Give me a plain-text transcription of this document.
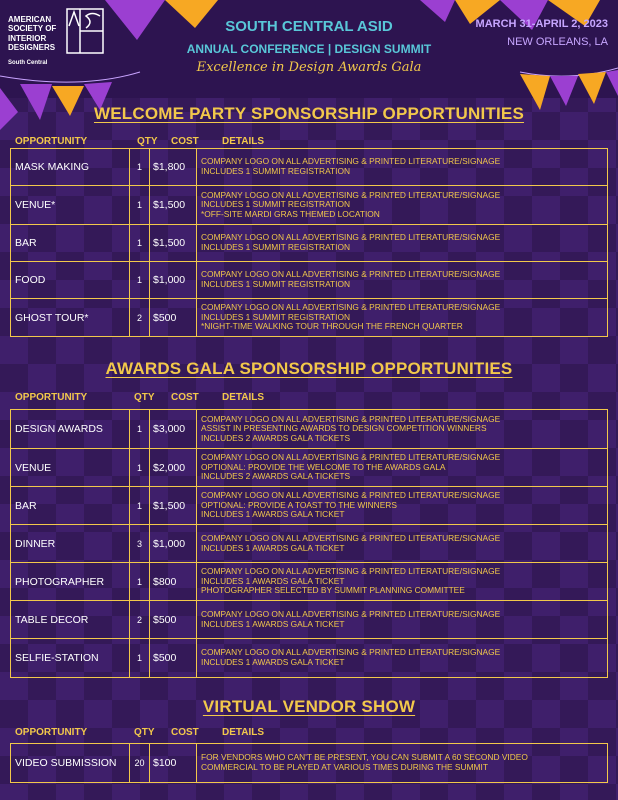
AMERICAN
SOCIETY OF
INTERIOR
DESIGNERS
South Central
SOUTH CENTRAL ASID
ANNUAL CONFERENCE | DESIGN SUMMIT
Excellence in Design Awards Gala
MARCH 31-APRIL 2, 2023
NEW ORLEANS, LA
WELCOME PARTY SPONSORSHIP OPPORTUNITIES
OPPORTUNITY	QTY COST DETAILS
MASK MAKING	1	$1,800	COMPANY LOGO ON ALL ADVERTISING & PRINTED LITERATURE/SIGNAGE
INCLUDES 1 SUMMIT REGISTRATION

VENUE*	1	$1,500	COMPANY LOGO ON ALL ADVERTISING & PRINTED LITERATURE/SIGNAGE
INCLUDES 1 SUMMIT REGISTRATION
*OFF-SITE MARDI GRAS THEMED LOCATION

BAR	1	$1,500	COMPANY LOGO ON ALL ADVERTISING & PRINTED LITERATURE/SIGNAGE
INCLUDES 1 SUMMIT REGISTRATION

FOOD	1	$1,000	COMPANY LOGO ON ALL ADVERTISING & PRINTED LITERATURE/SIGNAGE
INCLUDES 1 SUMMIT REGISTRATION

GHOST TOUR*	2	$500	COMPANY LOGO ON ALL ADVERTISING & PRINTED LITERATURE/SIGNAGE
INCLUDES 1 SUMMIT REGISTRATION
*NIGHT-TIME WALKING TOUR THROUGH THE FRENCH QUARTER
AWARDS GALA SPONSORSHIP OPPORTUNITIES
OPPORTUNITY	QTY COST DETAILS
DESIGN AWARDS	1	$3,000	COMPANY LOGO ON ALL ADVERTISING & PRINTED LITERATURE/SIGNAGE
ASSIST IN PRESENTING AWARDS TO DESIGN COMPETITION WINNERS
INCLUDES 2 AWARDS GALA TICKETS

VENUE	1	$2,000	COMPANY LOGO ON ALL ADVERTISING & PRINTED LITERATURE/SIGNAGE
OPTIONAL: PROVIDE THE WELCOME TO THE AWARDS GALA
INCLUDES 2 AWARDS GALA TICKETS

BAR	1	$1,500	COMPANY LOGO ON ALL ADVERTISING & PRINTED LITERATURE/SIGNAGE
OPTIONAL: PROVIDE A TOAST TO THE WINNERS
INCLUDES 1 AWARDS GALA TICKET

DINNER	3	$1,000	COMPANY LOGO ON ALL ADVERTISING & PRINTED LITERATURE/SIGNAGE
INCLUDES 1 AWARDS GALA TICKET

PHOTOGRAPHER	1	$800	COMPANY LOGO ON ALL ADVERTISING & PRINTED LITERATURE/SIGNAGE
INCLUDES 1 AWARDS GALA TICKET
PHOTOGRAPHER SELECTED BY SUMMIT PLANNING COMMITTEE

TABLE DECOR	2	$500	COMPANY LOGO ON ALL ADVERTISING & PRINTED LITERATURE/SIGNAGE
INCLUDES 1 AWARDS GALA TICKET

SELFIE-STATION	1	$500	COMPANY LOGO ON ALL ADVERTISING & PRINTED LITERATURE/SIGNAGE
INCLUDES 1 AWARDS GALA TICKET
VIRTUAL VENDOR SHOW
OPPORTUNITY	QTY COST DETAILS
VIDEO SUBMISSION	20	$100	FOR VENDORS WHO CAN'T BE PRESENT, YOU CAN SUBMIT A 60 SECOND VIDEO
COMMERCIAL TO BE PLAYED AT VARIOUS TIMES DURING THE SUMMIT
